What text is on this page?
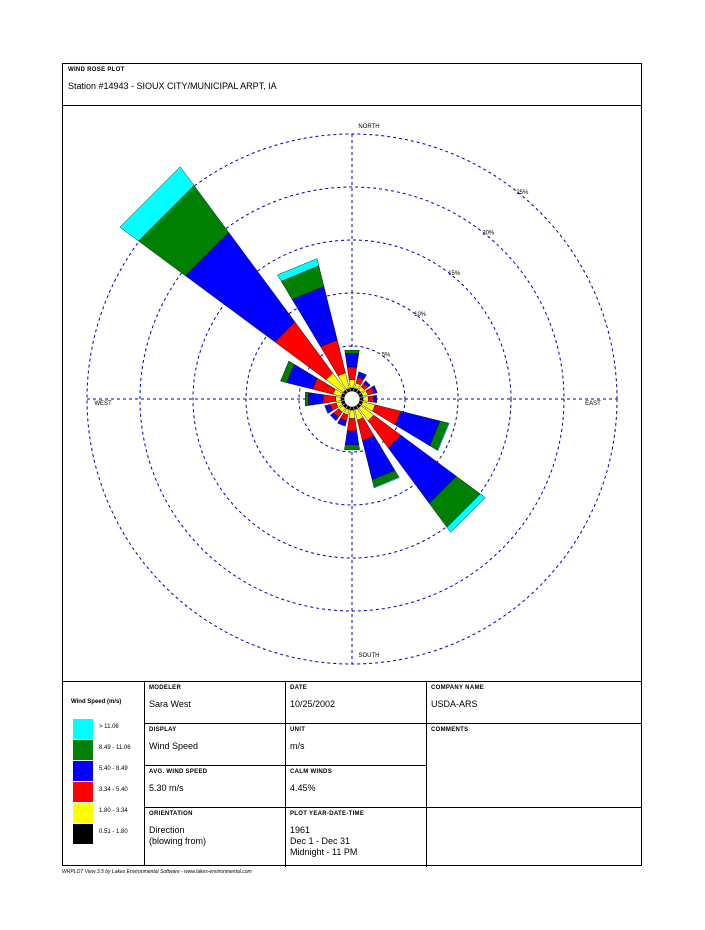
WIND ROSE PLOT
Station #14943 - SIOUX CITY/MUNICIPAL ARPT, IA
5%
10%
15%
20%
25%
NORTH
SOUTH
EAST
WEST
Wind Speed (m/s)
> 11.06
8.49 - 11.06
5.40 - 8.49
3.34 - 5.40
1.80 - 3.34
0.51 - 1.80
MODELER
Sara West
DATE
10/25/2002
COMPANY NAME
USDA-ARS
DISPLAY
Wind Speed
UNIT
m/s
COMMENTS
AVG. WIND SPEED
5.30 m/s
CALM WINDS
4.45%
ORIENTATION
Direction
(blowing from)
PLOT YEAR-DATE-TIME
1961
Dec 1 - Dec 31
Midnight - 11 PM
WRPLOT View 3.5 by Lakes Environmental Software - www.lakes-environmental.com
